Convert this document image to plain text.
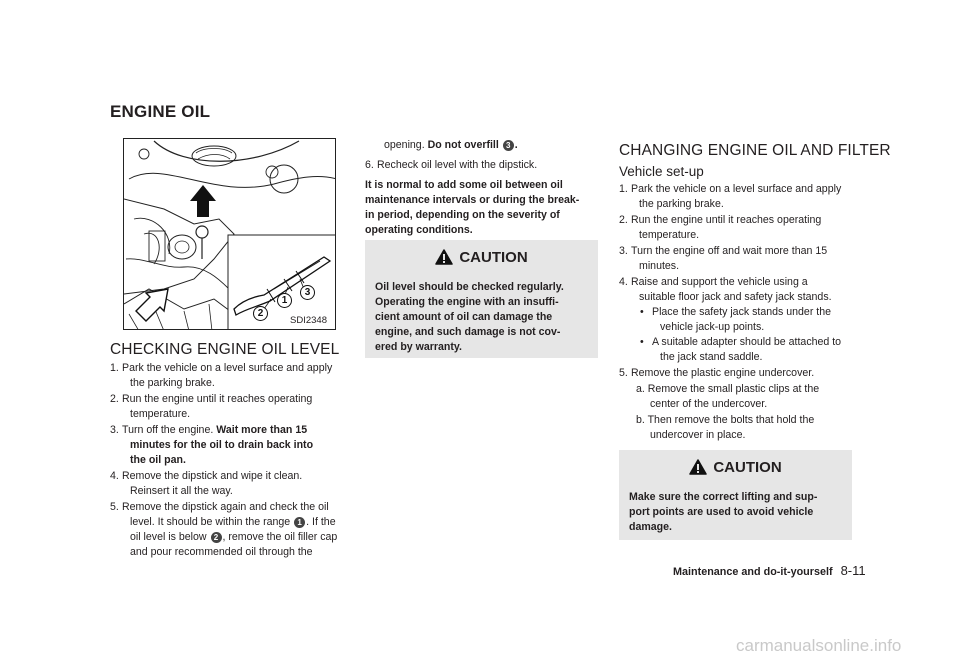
ENGINE OIL
2
1
3
SDI2348
CHECKING ENGINE OIL LEVEL
1. Park the vehicle on a level surface and apply
the parking brake.
2. Run the engine until it reaches operating
temperature.
3. Turn off the engine. Wait more than 15
minutes for the oil to drain back into
the oil pan.
4. Remove the dipstick and wipe it clean.
Reinsert it all the way.
5. Remove the dipstick again and check the oil
level. It should be within the range 1 . If the
oil level is below 2 , remove the oil filler cap
and pour recommended oil through the
opening. Do not overfill 3 .
6. Recheck oil level with the dipstick.
It is normal to add some oil between oil
maintenance intervals or during the break-
in period, depending on the severity of
operating conditions.
CAUTION
Oil level should be checked regularly.
Operating the engine with an insuffi-
cient amount of oil can damage the
engine, and such damage is not cov-
ered by warranty.
CHANGING ENGINE OIL AND FILTER
Vehicle set-up
1. Park the vehicle on a level surface and apply
the parking brake.
2. Run the engine until it reaches operating
temperature.
3. Turn the engine off and wait more than 15
minutes.
4. Raise and support the vehicle using a
suitable floor jack and safety jack stands.
• Place the safety jack stands under the
vehicle jack-up points.
• A suitable adapter should be attached to
the jack stand saddle.
5. Remove the plastic engine undercover.
a. Remove the small plastic clips at the
center of the undercover.
b. Then remove the bolts that hold the
undercover in place.
CAUTION
Make sure the correct lifting and sup-
port points are used to avoid vehicle
damage.
Maintenance and do-it-yourself 8-11
carmanualsonline.info
